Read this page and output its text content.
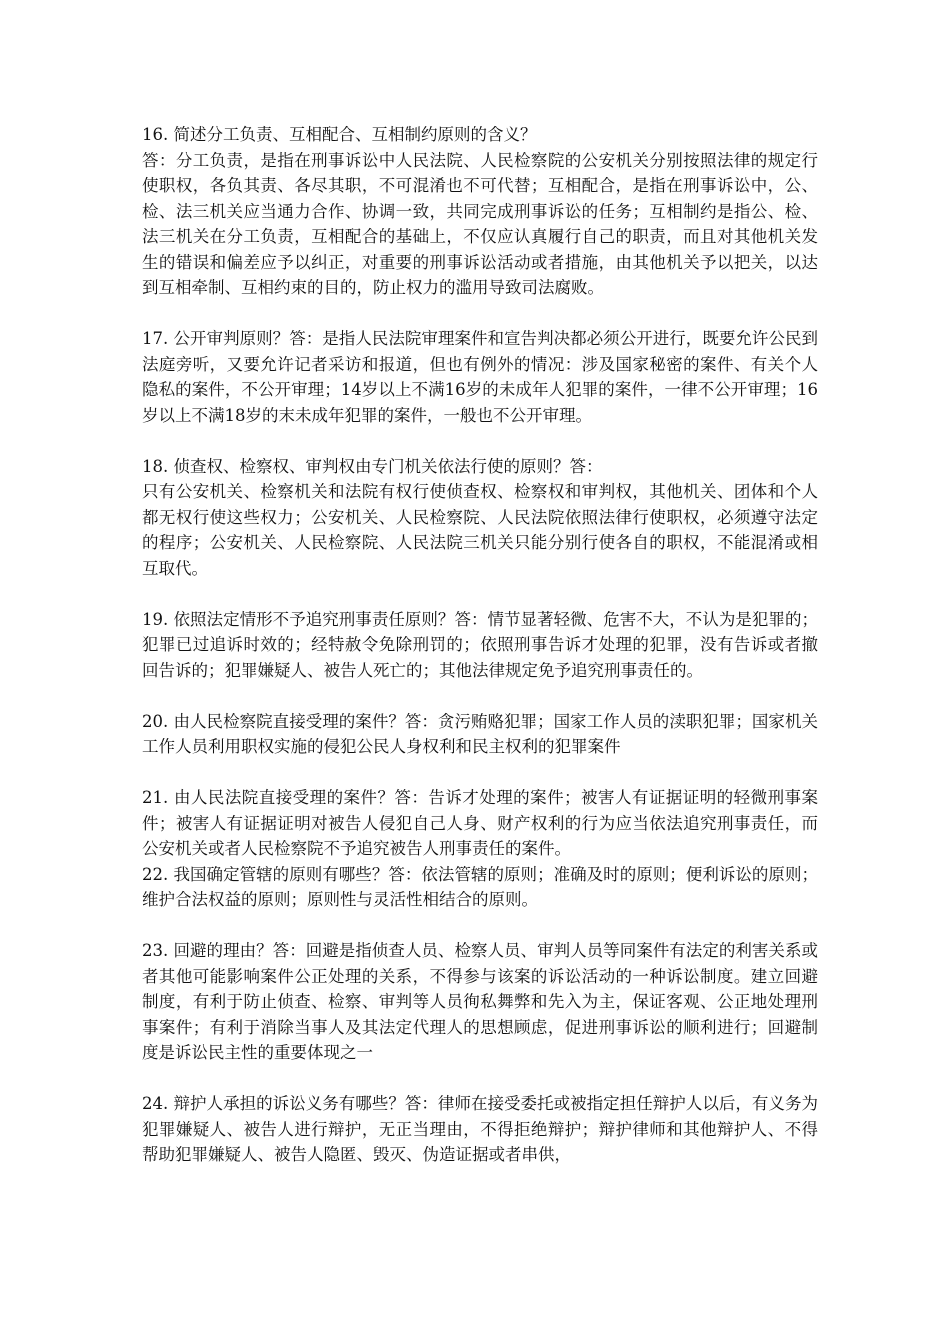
16. 简述分工负责、互相配合、互相制约原则的含义？

答：分工负责，是指在刑事诉讼中人民法院、人民检察院的公安机关分别按照法律的规定行使职权，各负其责、各尽其职，不可混淆也不可代替；互相配合，是指在刑事诉讼中，公、检、法三机关应当通力合作、协调一致，共同完成刑事诉讼的任务；互相制约是指公、检、法三机关在分工负责，互相配合的基础上，不仅应认真履行自己的职责，而且对其他机关发生的错误和偏差应予以纠正，对重要的刑事诉讼活动或者措施，由其他机关予以把关，以达到互相牵制、互相约束的目的，防止权力的滥用导致司法腐败。

17. 公开审判原则？答：是指人民法院审理案件和宣告判决都必须公开进行，既要允许公民到法庭旁听，又要允许记者采访和报道，但也有例外的情况：涉及国家秘密的案件、有关个人隐私的案件，不公开审理；14岁以上不满16岁的未成年人犯罪的案件，一律不公开审理；16岁以上不满18岁的末未成年犯罪的案件，一般也不公开审理。

18. 侦查权、检察权、审判权由专门机关依法行使的原则？答：

只有公安机关、检察机关和法院有权行使侦查权、检察权和审判权，其他机关、团体和个人都无权行使这些权力；公安机关、人民检察院、人民法院依照法律行使职权，必须遵守法定的程序；公安机关、人民检察院、人民法院三机关只能分别行使各自的职权，不能混淆或相互取代。

19. 依照法定情形不予追究刑事责任原则？答：情节显著轻微、危害不大，不认为是犯罪的；犯罪已过追诉时效的；经特赦令免除刑罚的；依照刑事告诉才处理的犯罪，没有告诉或者撤回告诉的；犯罪嫌疑人、被告人死亡的；其他法律规定免予追究刑事责任的。

20. 由人民检察院直接受理的案件？答：贪污贿赂犯罪；国家工作人员的渎职犯罪；国家机关工作人员利用职权实施的侵犯公民人身权利和民主权利的犯罪案件

21. 由人民法院直接受理的案件？答：告诉才处理的案件；被害人有证据证明的轻微刑事案件；被害人有证据证明对被告人侵犯自己人身、财产权利的行为应当依法追究刑事责任，而公安机关或者人民检察院不予追究被告人刑事责任的案件。

22. 我国确定管辖的原则有哪些？答：依法管辖的原则；准确及时的原则；便利诉讼的原则；维护合法权益的原则；原则性与灵活性相结合的原则。

23. 回避的理由？答：回避是指侦查人员、检察人员、审判人员等同案件有法定的利害关系或者其他可能影响案件公正处理的关系，不得参与该案的诉讼活动的一种诉讼制度。建立回避制度，有利于防止侦查、检察、审判等人员徇私舞弊和先入为主，保证客观、公正地处理刑事案件；有利于消除当事人及其法定代理人的思想顾虑，促进刑事诉讼的顺利进行；回避制度是诉讼民主性的重要体现之一

24. 辩护人承担的诉讼义务有哪些？答：律师在接受委托或被指定担任辩护人以后，有义务为犯罪嫌疑人、被告人进行辩护，无正当理由，不得拒绝辩护；辩护律师和其他辩护人、不得帮助犯罪嫌疑人、被告人隐匿、毁灭、伪造证据或者串供，
